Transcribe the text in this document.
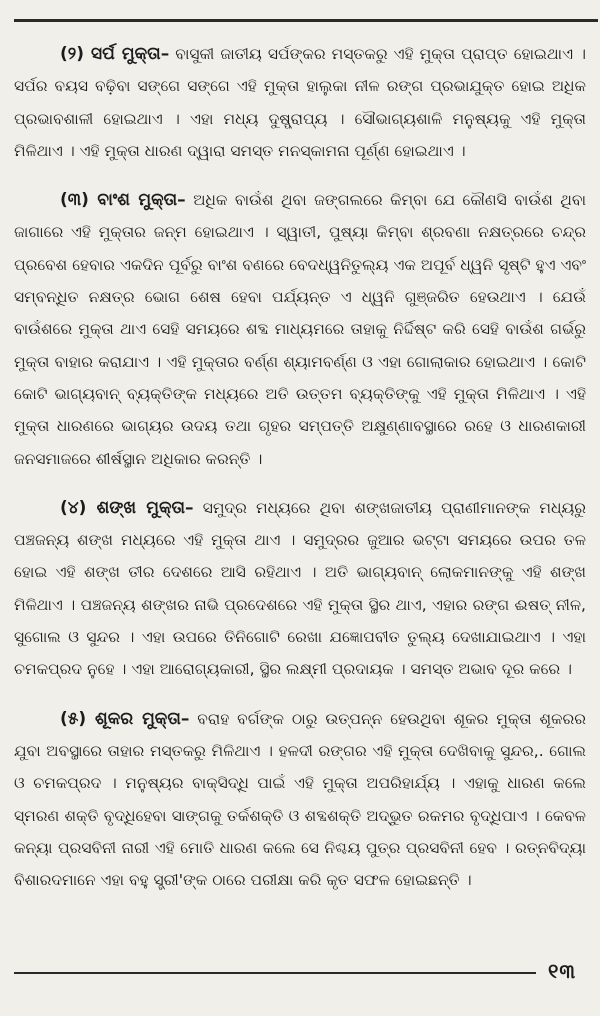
(୨) ସର୍ପ ମୁକ୍ତା– ବାସୁକୀ ଜାତୀୟ ସର୍ପଙ୍କର ମସ୍ତକରୁ ଏହି ମୁକ୍ତା ପ୍ରାପ୍ତ ହୋଇଥାଏ । ସର୍ପର ବୟସ ବଢ଼ିବା ସଙ୍ଗେ ସଙ୍ଗେ ଏହି ମୁକ୍ତା ହାଲୁକା ନୀଳ ରଙ୍ଗ ପ୍ରଭାଯୁକ୍ତ ହୋଇ ଅଧିକ ପ୍ରଭାବଶାଳୀ ହୋଇଥାଏ । ଏହା ମଧ୍ୟ ଦୁଷ୍ପ୍ରାପ୍ୟ । ସୌଭାଗ୍ୟଶାଳି ମନୁଷ୍ୟକୁ ଏହି ମୁକ୍ତା ମିଳିଥାଏ । ଏହି ମୁକ୍ତା ଧାରଣ ଦ୍ୱାରା ସମସ୍ତ ମନସ୍କାମନା ପୂର୍ଣ୍ଣ ହୋଇଥାଏ ।

(୩) ବାଂଶ ମୁକ୍ତା– ଅଧିକ ବାଉଁଶ ଥିବା ଜଙ୍ଗଲରେ କିମ୍ବା ଯେ କୌଣସି ବାଉଁଶ ଥିବା ଜାଗାରେ ଏହି ମୁକ୍ତାର ଜନ୍ମ ହୋଇଥାଏ । ସ୍ୱାତୀ, ପୁଷ୍ୟା କିମ୍ବା ଶ୍ରବଣା ନକ୍ଷତ୍ରରେ ଚନ୍ଦ୍ର ପ୍ରବେଶ ହେବାର ଏକଦିନ ପୂର୍ବରୁ ବାଂଶ ବଣରେ ବେଦଧ୍ୱନିତୁଲ୍ୟ ଏକ ଅପୂର୍ବ ଧ୍ୱନି ସୃଷ୍ଟି ହୁଏ ଏବଂ ସମ୍ବନ୍ଧିତ ନକ୍ଷତ୍ର ଭୋଗ ଶେଷ ହେବା ପର୍ଯ୍ୟନ୍ତ ଏ ଧ୍ୱନି ଗୁଞ୍ଜରିତ ହେଉଥାଏ । ଯେଉଁ ବାଉଁଶରେ ମୁକ୍ତା ଥାଏ ସେହି ସମୟରେ ଶବ୍ଦ ମାଧ୍ୟମରେ ତାହାକୁ ନିର୍ଦ୍ଦିଷ୍ଟ କରି ସେହି ବାଉଁଶ ଗର୍ଭରୁ ମୁକ୍ତା ବାହାର କରାଯାଏ । ଏହି ମୁକ୍ତାର ବର୍ଣ୍ଣ ଶ୍ୟାମବର୍ଣ୍ଣ ଓ ଏହା ଗୋଲାକାର ହୋଇଥାଏ । କୋଟି କୋଟି ଭାଗ୍ୟବାନ୍ ବ୍ୟକ୍ତିଙ୍କ ମଧ୍ୟରେ ଅତି ଉତ୍ତମ ବ୍ୟକ୍ତିଙ୍କୁ ଏହି ମୁକ୍ତା ମିଳିଥାଏ । ଏହି ମୁକ୍ତା ଧାରଣରେ ଭାଗ୍ୟର ଉଦୟ ତଥା ଗୃହର ସମ୍ପତ୍ତି ଅକ୍ଷୁଣ୍ଣାବସ୍ଥାରେ ରହେ ଓ ଧାରଣକାରୀ ଜନସମାଜରେ ଶୀର୍ଷସ୍ଥାନ ଅଧିକାର କରନ୍ତି ।

(୪) ଶଙ୍ଖ ମୁକ୍ତା– ସମୁଦ୍ର ମଧ୍ୟରେ ଥିବା ଶଙ୍ଖଜାତୀୟ ପ୍ରାଣୀମାନଙ୍କ ମଧ୍ୟରୁ ପଞ୍ଚଜନ୍ୟ ଶଙ୍ଖ ମଧ୍ୟରେ ଏହି ମୁକ୍ତା ଥାଏ । ସମୁଦ୍ରର ଜୁଆର ଭଟ୍ଟା ସମୟରେ ଉପର ତଳ ହୋଇ ଏହି ଶଙ୍ଖ ତୀର ଦେଶରେ ଆସି ରହିଥାଏ । ଅତି ଭାଗ୍ୟବାନ୍ ଲୋକମାନଙ୍କୁ ଏହି ଶଙ୍ଖ ମିଳିଥାଏ । ପଞ୍ଚଜନ୍ୟ ଶଙ୍ଖର ନାଭି ପ୍ରଦେଶରେ ଏହି ମୁକ୍ତା ସ୍ଥିର ଥାଏ, ଏହାର ରଙ୍ଗ ଈଷତ୍ ନୀଳ, ସୁଗୋଲ ଓ ସୁନ୍ଦର । ଏହା ଉପରେ ତିନିଗୋଟି ରେଖା ଯଜ୍ଞୋପବୀତ ତୁଲ୍ୟ ଦେଖାଯାଇଥାଏ । ଏହା ଚମକପ୍ରଦ ନୁହେ । ଏହା ଆରୋଗ୍ୟକାରୀ, ସ୍ଥିର ଲକ୍ଷ୍ମୀ ପ୍ରଦାୟକ । ସମସ୍ତ ଅଭାବ ଦୂର କରେ ।

(୫) ଶୂକର ମୁକ୍ତା– ବରାହ ବର୍ଗଙ୍କ ଠାରୁ ଉତ୍ପନ୍ନ ହେଉଥିବା ଶୂକର ମୁକ୍ତା ଶୂକରର ଯୁବା ଅବସ୍ଥାରେ ତାହାର ମସ୍ତକରୁ ମିଳିଥାଏ । ହଳଦୀ ରଙ୍ଗର ଏହି ମୁକ୍ତା ଦେଖିବାକୁ ସୁନ୍ଦର,. ଗୋଲ ଓ ଚମକପ୍ରଦ । ମନୁଷ୍ୟର ବାକ୍‌ସିଦ୍ଧି ପାଇଁ ଏହି ମୁକ୍ତା ଅପରିହାର୍ଯ୍ୟ । ଏହାକୁ ଧାରଣ କଲେ ସ୍ମରଣ ଶକ୍ତି ବୃଦ୍ଧିହେବା ସାଙ୍ଗକୁ ତର୍କଶକ୍ତି ଓ ଶବ୍ଦଶକ୍ତି ଅଦ୍ଭୁତ ରକମର ବୃଦ୍ଧିପାଏ । କେବଳ କନ୍ୟା ପ୍ରସବିନୀ ନାରୀ ଏହି ମୋତି ଧାରଣ କଲେ ସେ ନିଶ୍ଚୟ ପୁତ୍ର ପ୍ରସବିନୀ ହେବ । ରତ୍ନବିଦ୍ୟା ବିଶାରଦମାନେ ଏହା ବହୁ ସ୍ତ୍ରୀ'ଙ୍କ ଠାରେ ପରୀକ୍ଷା କରି କୃତ ସଫଳ ହୋଇଛନ୍ତି ।

୧୩
